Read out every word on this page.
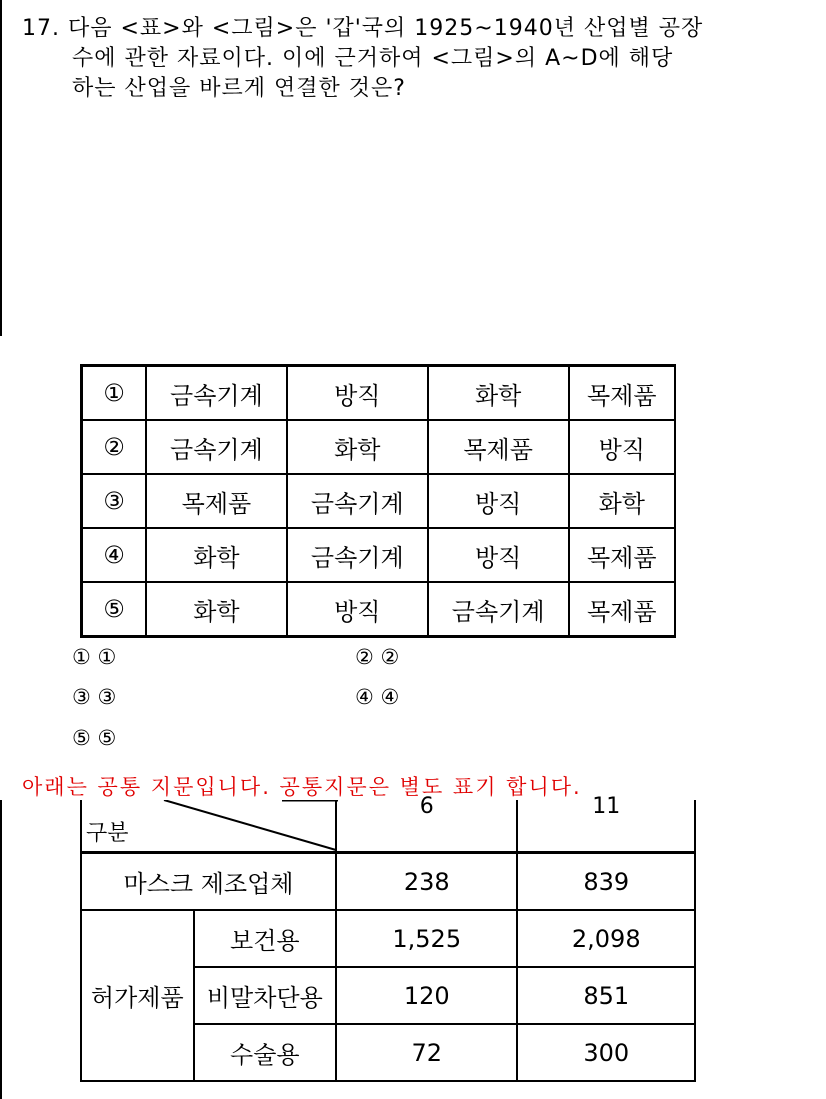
17. 다음 <표>와 <그림>은 '갑'국의 1925~1940년 산업별 공장
수에 관한 자료이다. 이에 근거하여 <그림>의 A~D에 해당
하는 산업을 바르게 연결한 것은?
①	금속기계	방직	화학	목제품
②	금속기계	화학	목제품	방직
③	목제품	금속기계	방직	화학
④	화학	금속기계	방직	목제품
⑤	화학	방직	금속기계	목제품
① ①	② ②
③ ③	④ ④
⑤ ⑤
아래는 공통 지문입니다. 공통지문은 별도 표기 합니다.
구분		6	11
마스크 제조업체		238	839
허가제품	보건용	1,525	2,098
	비말차단용	120	851
	수술용	72	300
